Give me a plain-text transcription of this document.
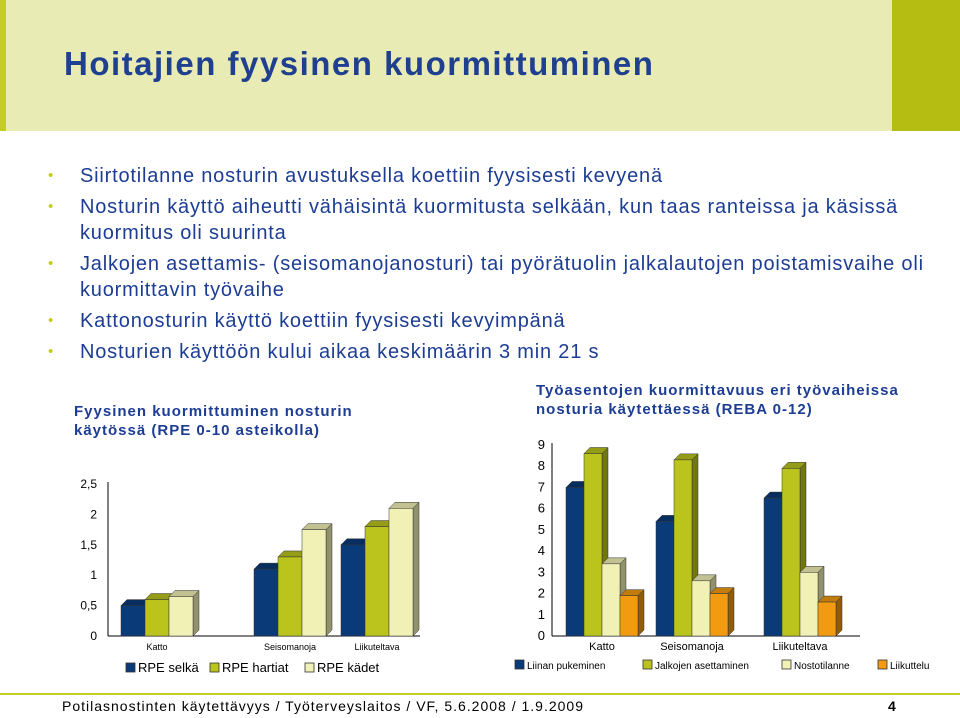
Hoitajien fyysinen kuormittuminen
• Siirtotilanne nosturin avustuksella koettiin fyysisesti kevyenä
• Nosturin käyttö aiheutti vähäisintä kuormitusta selkään, kun taas ranteissa ja käsissä kuormitus oli suurinta
• Jalkojen asettamis- (seisomanojanosturi) tai pyörätuolin jalkalautojen poistamisvaihe oli kuormittavin työvaihe
• Kattonosturin käyttö koettiin fyysisesti kevyimpänä
• Nosturien käyttöön kului aikaa keskimäärin 3 min 21 s
Fyysinen kuormittuminen nosturin
käytössä (RPE 0-10 asteikolla)
Työasentojen kuormittavuus eri työvaiheissa
nosturia käytettäessä (REBA 0-12)
0
0,5
1
1,5
2
2,5
Katto	Seisomanoja	Liikuteltava
RPE selkä RPE hartiat RPE kädet
0
1
2
3
4
5
6
7
8
9
Katto	Seisomanoja	Liikuteltava
Liinan pukeminen	Jalkojen asettaminen	Nostotilanne	Liikuttelu
Potilasnostinten käytettävyys / Työterveyslaitos / VF, 5.6.2008 / 1.9.2009	4
